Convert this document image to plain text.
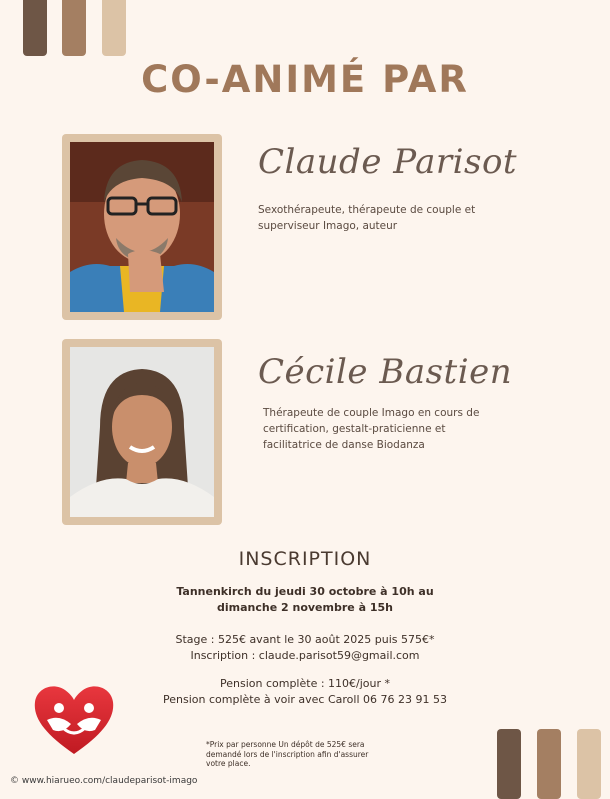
CO-ANIMÉ PAR
Claude Parisot
Sexothérapeute, thérapeute de couple et
superviseur Imago, auteur
Cécile Bastien
Thérapeute de couple Imago en cours de
certification, gestalt-praticienne et
facilitatrice de danse Biodanza
INSCRIPTION
Tannenkirch du jeudi 30 octobre à 10h au
dimanche 2 novembre à 15h
Stage : 525€ avant le 30 août 2025 puis 575€*
Inscription : claude.parisot59@gmail.com
Pension complète : 110€/jour *
Pension complète à voir avec Caroll 06 76 23 91 53
*Prix par personne Un dépôt de 525€ sera
demandé lors de l'inscription afin d'assurer
votre place.
© www.hiarueo.com/claudeparisot-imago
